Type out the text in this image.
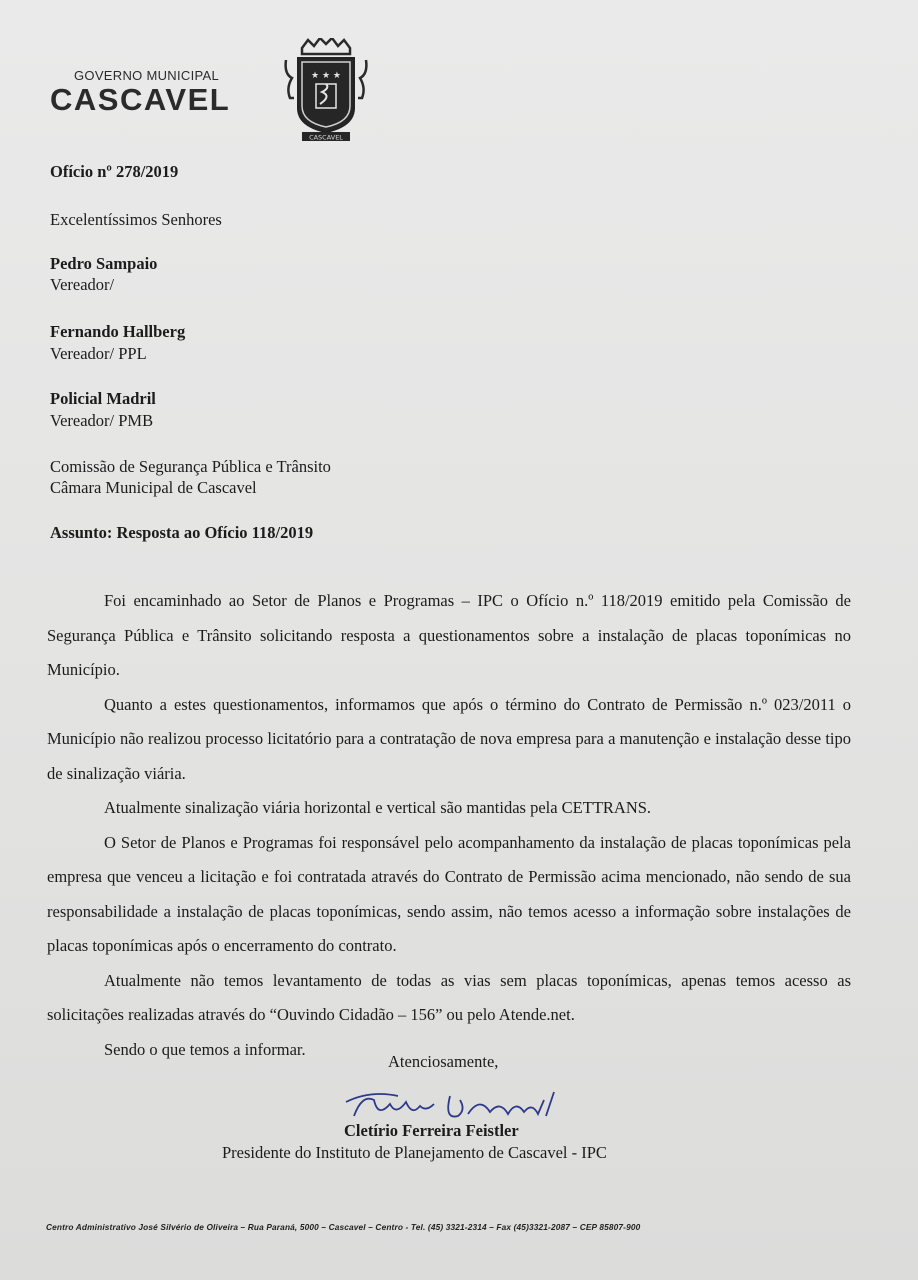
GOVERNO MUNICIPAL
CASCAVEL
★ ★ ★
CASCAVEL
Ofício nº 278/2019
Excelentíssimos Senhores
Pedro Sampaio
Vereador/
Fernando Hallberg
Vereador/ PPL
Policial Madril
Vereador/ PMB
Comissão de Segurança Pública e Trânsito
Câmara Municipal de Cascavel
Assunto: Resposta ao Ofício 118/2019

Foi encaminhado ao Setor de Planos e Programas – IPC o Ofício n.º 118/2019 emitido pela Comissão de Segurança Pública e Trânsito solicitando resposta a questionamentos sobre a instalação de placas toponímicas no Município.

Quanto a estes questionamentos, informamos que após o término do Contrato de Permissão n.º 023/2011 o Município não realizou processo licitatório para a contratação de nova empresa para a manutenção e instalação desse tipo de sinalização viária.

Atualmente sinalização viária horizontal e vertical são mantidas pela CETTRANS.

O Setor de Planos e Programas foi responsável pelo acompanhamento da instalação de placas toponímicas pela empresa que venceu a licitação e foi contratada através do Contrato de Permissão acima mencionado, não sendo de sua responsabilidade a instalação de placas toponímicas, sendo assim, não temos acesso a informação sobre instalações de placas toponímicas após o encerramento do contrato.

Atualmente não temos levantamento de todas as vias sem placas toponímicas, apenas temos acesso as solicitações realizadas através do “Ouvindo Cidadão – 156” ou pelo Atende.net.

Sendo o que temos a informar.

Atenciosamente,
Cletírio Ferreira Feistler
Presidente do Instituto de Planejamento de Cascavel - IPC
Centro Administrativo José Silvério de Oliveira – Rua Paraná, 5000 – Cascavel – Centro - Tel. (45) 3321-2314 – Fax (45)3321-2087 – CEP 85807-900
